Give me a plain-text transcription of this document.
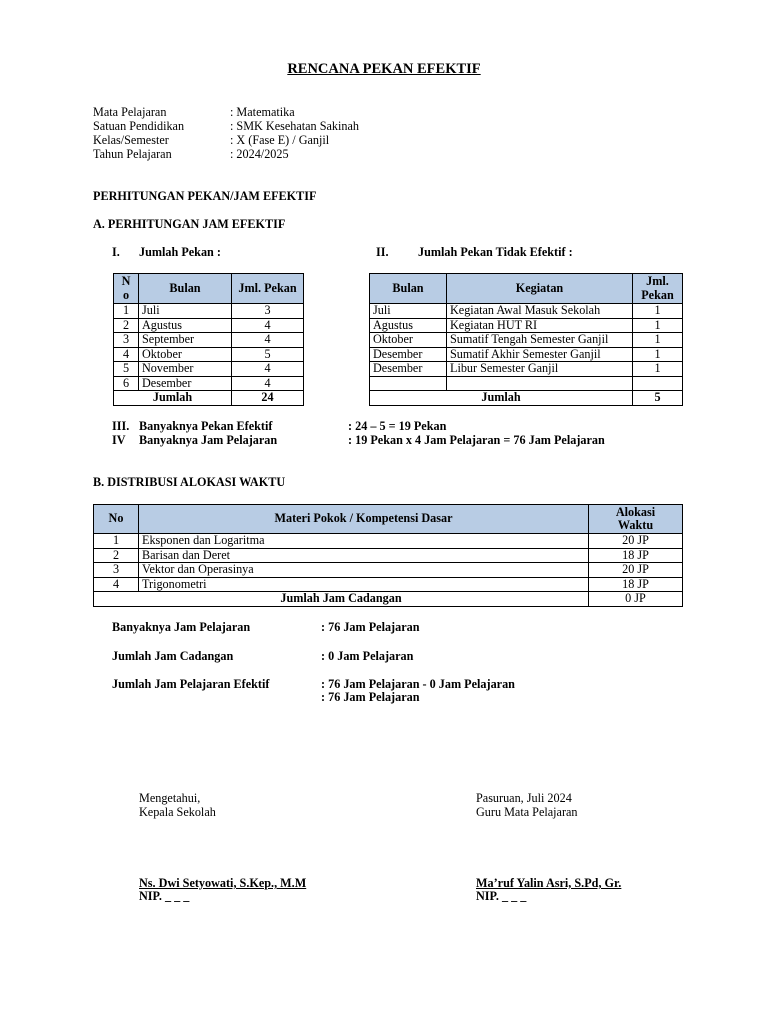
RENCANA PEKAN EFEKTIF
Mata Pelajaran	: Matematika
Satuan Pendidikan	: SMK Kesehatan Sakinah
Kelas/Semester	: X (Fase E) / Ganjil
Tahun Pelajaran	: 2024/2025
PERHITUNGAN PEKAN/JAM EFEKTIF
A. PERHITUNGAN JAM EFEKTIF
I. Jumlah Pekan :	II. Jumlah Pekan Tidak Efektif :
N o	Bulan	Jml. Pekan
1	Juli	3
2	Agustus	4
3	September	4
4	Oktober	5
5	November	4
6	Desember	4
Jumlah		24
Bulan	Kegiatan	Jml. Pekan
Juli	Kegiatan Awal Masuk Sekolah	1
Agustus	Kegiatan HUT RI	1
Oktober	Sumatif Tengah Semester Ganjil	1
Desember	Sumatif Akhir Semester Ganjil	1
Desember	Libur Semester Ganjil	1

Jumlah		5
III. Banyaknya Pekan Efektif	: 24 – 5 = 19 Pekan
IV Banyaknya Jam Pelajaran	: 19 Pekan x 4 Jam Pelajaran = 76 Jam Pelajaran
B. DISTRIBUSI ALOKASI WAKTU
No	Materi Pokok / Kompetensi Dasar	Alokasi Waktu
1	Eksponen dan Logaritma	20 JP
2	Barisan dan Deret	18 JP
3	Vektor dan Operasinya	20 JP
4	Trigonometri	18 JP
Jumlah Jam Cadangan		0 JP
Banyaknya Jam Pelajaran	: 76 Jam Pelajaran
Jumlah Jam Cadangan	: 0 Jam Pelajaran
Jumlah Jam Pelajaran Efektif	: 76 Jam Pelajaran - 0 Jam Pelajaran
: 76 Jam Pelajaran
Mengetahui,
Kepala Sekolah
Pasuruan, Juli 2024
Guru Mata Pelajaran
Ns. Dwi Setyowati, S.Kep., M.M
NIP. _ _ _
Ma’ruf Yalin Asri, S.Pd, Gr.
NIP. _ _ _
